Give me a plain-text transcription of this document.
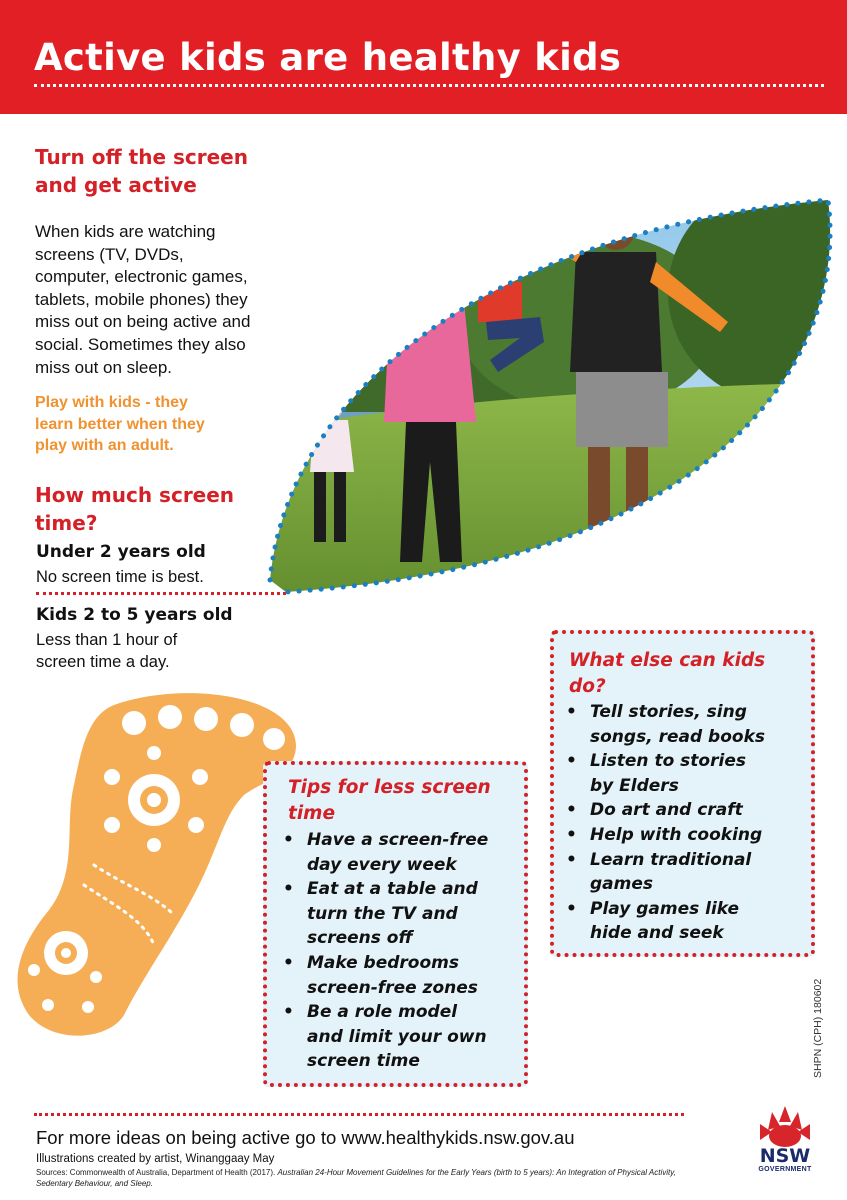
Active kids are healthy kids
Turn off the screen
and get active
When kids are watching
screens (TV, DVDs,
computer, electronic games,
tablets, mobile phones) they
miss out on being active and
social. Sometimes they also
miss out on sleep.
Play with kids - they
learn better when they
play with an adult.
How much screen
time?
Under 2 years old
No screen time is best.
Kids 2 to 5 years old
Less than 1 hour of
screen time a day.
Tips for less screen
time
• Have a screen-free
day every week
• Eat at a table and
turn the TV and
screens off
• Make bedrooms
screen-free zones
• Be a role model
and limit your own
screen time
What else can kids
do?
• Tell stories, sing
songs, read books
• Listen to stories
by Elders
• Do art and craft
• Help with cooking
• Learn traditional
games
• Play games like
hide and seek
SHPN (CPH) 180602
For more ideas on being active go to www.healthykids.nsw.gov.au
Illustrations created by artist, Winanggaay May
Sources: Commonwealth of Australia, Department of Health (2017). Australian 24-Hour Movement Guidelines for the Early Years (birth to 5 years): An Integration of Physical Activity, Sedentary Behaviour, and Sleep.
NSW
GOVERNMENT
